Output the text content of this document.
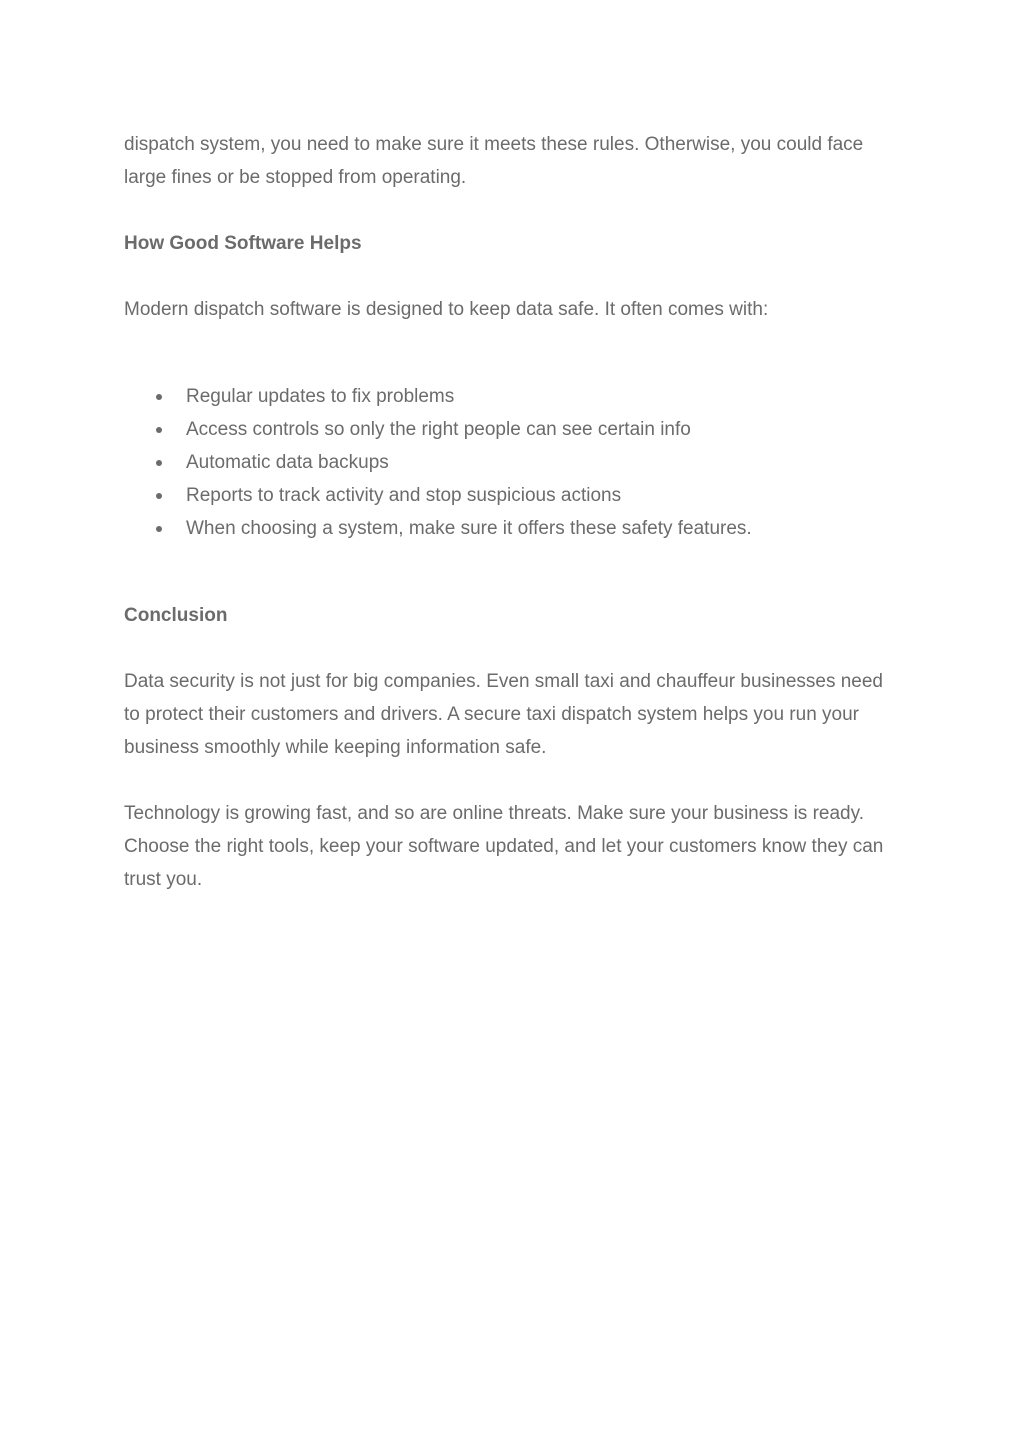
dispatch system, you need to make sure it meets these rules. Otherwise, you could face large fines or be stopped from operating.

How Good Software Helps

Modern dispatch software is designed to keep data safe. It often comes with:

Regular updates to fix problems
Access controls so only the right people can see certain info
Automatic data backups
Reports to track activity and stop suspicious actions
When choosing a system, make sure it offers these safety features.

Conclusion

Data security is not just for big companies. Even small taxi and chauffeur businesses need to protect their customers and drivers. A secure taxi dispatch system helps you run your business smoothly while keeping information safe.

Technology is growing fast, and so are online threats. Make sure your business is ready. Choose the right tools, keep your software updated, and let your customers know they can trust you.
